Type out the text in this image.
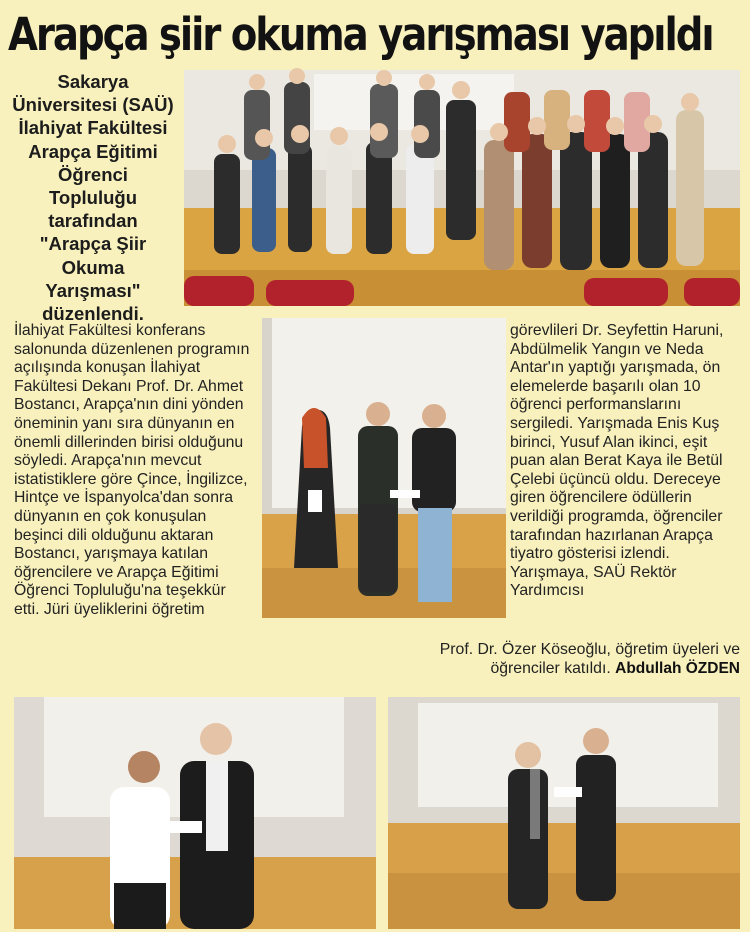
Arapça şiir okuma yarışması yapıldı
Sakarya Üniversitesi (SAÜ) İlahiyat Fakültesi Arapça Eğitimi Öğrenci Topluluğu tarafından "Arapça Şiir Okuma Yarışması" düzenlendi.

İlahiyat Fakültesi konferans salonunda düzenlenen programın açılışında konuşan İlahiyat Fakültesi Dekanı Prof. Dr. Ahmet Bostancı, Arapça'nın dini yönden öneminin yanı sıra dünyanın en önemli dillerinden birisi olduğunu söyledi. Arapça'nın mevcut istatistiklere göre Çince, İngilizce, Hintçe ve İspanyolca'dan sonra dünyanın en çok konuşulan beşinci dili olduğunu aktaran Bostancı, yarışmaya katılan öğrencilere ve Arapça Eğitimi Öğrenci Topluluğu'na teşekkür etti. Jüri üyeliklerini öğretim

görevlileri Dr. Seyfettin Haruni, Abdülmelik Yangın ve Neda Antar'ın yaptığı yarışmada, ön elemelerde başarılı olan 10 öğrenci performanslarını sergiledi. Yarışmada Enis Kuş birinci, Yusuf Alan ikinci, eşit puan alan Berat Kaya ile Betül Çelebi üçüncü oldu. Dereceye giren öğrencilere ödüllerin verildiği programda, öğrenciler tarafından hazırlanan Arapça tiyatro gösterisi izlendi. Yarışmaya, SAÜ Rektör Yardımcısı

Prof. Dr. Özer Köseoğlu, öğretim üyeleri ve öğrenciler katıldı. Abdullah ÖZDEN
